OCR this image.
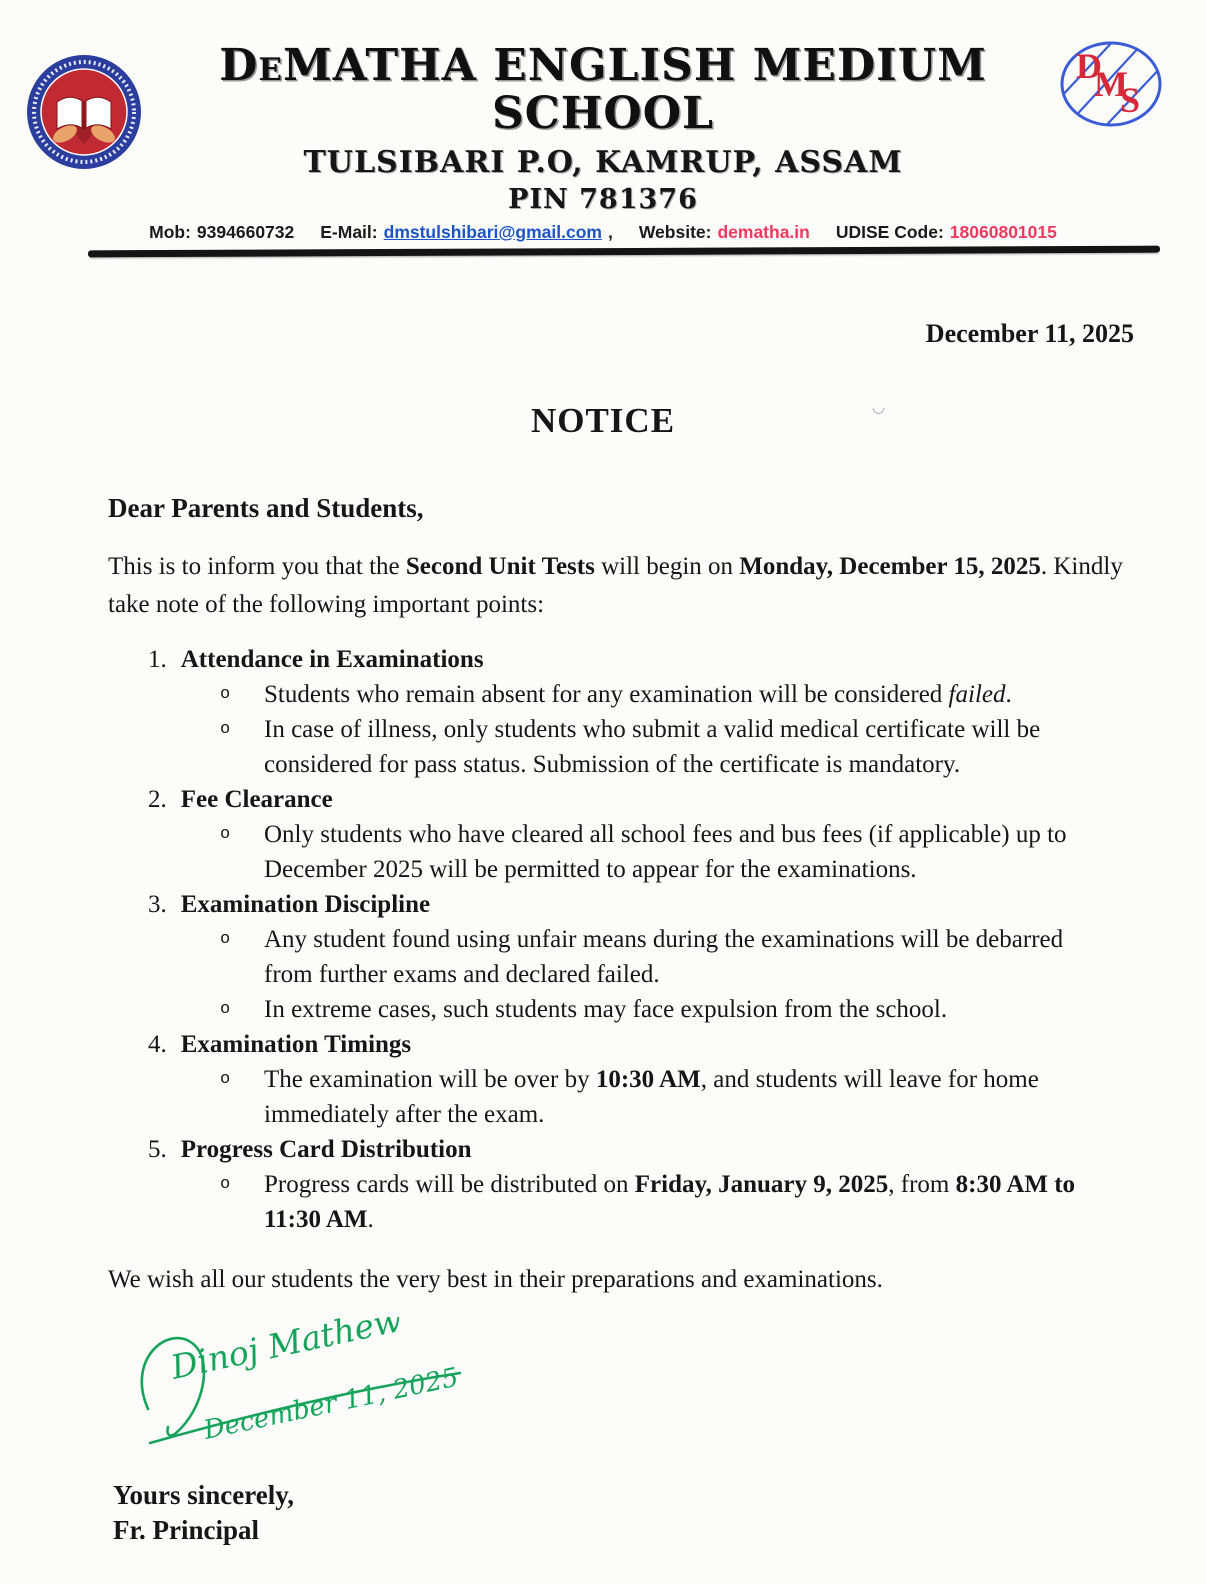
DeMATHA ENGLISH MEDIUM SCHOOL
TULSIBARI P.O, KAMRUP, ASSAM
PIN 781376
D
M
S
Mob: 9394660732 E-Mail: dmstulshibari@gmail.com , Website: dematha.in UDISE Code: 18060801015
December 11, 2025
NOTICE	◡
Dear Parents and Students,
This is to inform you that the Second Unit Tests will begin on Monday, December 15, 2025. Kindly take note of the following important points:
1. Attendance in Examinations
o	Students who remain absent for any examination will be considered failed.
o	In case of illness, only students who submit a valid medical certificate will be considered for pass status. Submission of the certificate is mandatory.
2. Fee Clearance
o	Only students who have cleared all school fees and bus fees (if applicable) up to December 2025 will be permitted to appear for the examinations.
3. Examination Discipline
o	Any student found using unfair means during the examinations will be debarred from further exams and declared failed.
o	In extreme cases, such students may face expulsion from the school.
4. Examination Timings
o	The examination will be over by 10:30 AM, and students will leave for home immediately after the exam.
5. Progress Card Distribution
o	Progress cards will be distributed on Friday, January 9, 2025, from 8:30 AM to 11:30 AM.
We wish all our students the very best in their preparations and examinations.
Dinoj Mathew
December 11, 2025
Yours sincerely,
Fr. Principal
